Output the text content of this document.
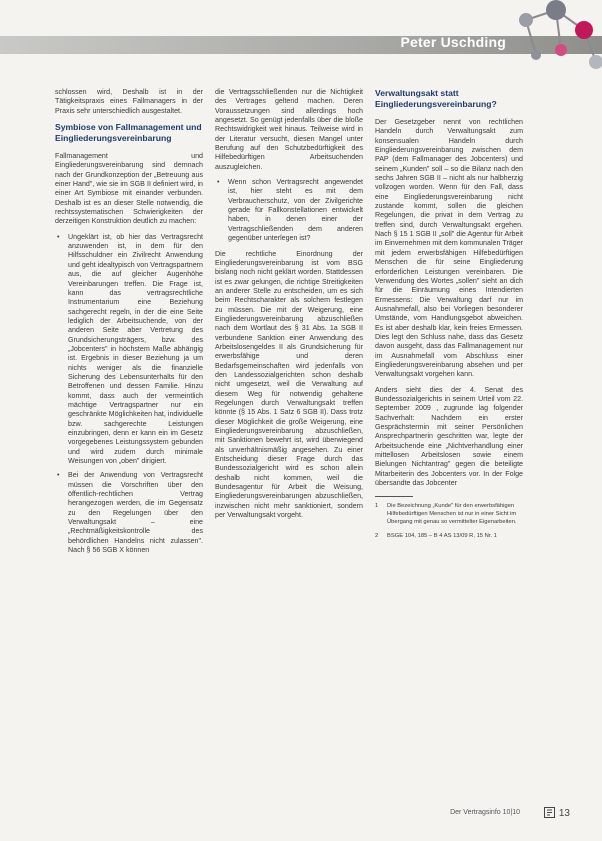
Peter Uschding

schlossen wird, Deshalb ist in der Tätigkeitspraxis eines Fallmanagers in der Praxis sehr unterschiedlich ausgestaltet.

Symbiose von Fallmanagement und Eingliederungsvereinbarung

Fallmanagement und Eingliederungsvereinbarung sind demnach nach der Grundkonzeption der „Betreuung aus einer Hand", wie sie im SGB II definiert wird, in einer Art Symbiose mit einander verbunden. Deshalb ist es an dieser Stelle notwendig, die rechtssystematischen Schwierigkeiten der derzeitigen Konstruktion deutlich zu machen:

• Ungeklärt ist, ob hier das Vertragsrecht anzuwenden ist, in dem für den Hilfsschuldner ein Zivilrecht Anwendung und geht idealtypisch von Vertragspartnern aus, die auf gleicher Augenhöhe Vereinbarungen treffen. Die Frage ist, kann das vertragsrechtliche Instrumentarium eine Beziehung sachgerecht regeln, in der die eine Seite lediglich der Arbeitsuchende, von der anderen Seite aber Vertretung des Grundsicherungsträgers, bzw. des „Jobcenters" in höchstem Maße abhängig ist. Ergebnis in dieser Beziehung ja um nichts weniger als die finanzielle Sicherung des Lebensunterhalts für den Betroffenen und dessen Familie. Hinzu kommt, dass auch der vermeintlich mächtige Vertragspartner nur ein geschränkte Möglichkeiten hat, individuelle bzw. sachgerechte Leistungen einzubringen, denn er kann ein im Gesetz vorgegebenes Leistungssystem gebunden und wird zudem durch minimale Weisungen von „oben" dirigiert.
• Bei der Anwendung von Vertragsrecht müssen die Vorschriften über den öffentlich-rechtlichen Vertrag herangezogen werden, die im Gegensatz zu den Regelungen über den Verwaltungsakt – eine „Rechtmäßigkeitskontrolle des behördlichen Handelns nicht zulassen". Nach § 56 SGB X können

die Vertragsschließenden nur die Nichtigkeit des Vertrages geltend machen. Deren Voraussetzungen sind allerdings hoch angesetzt. So genügt jedenfalls über die bloße Rechtswidrigkeit weit hinaus. Teilweise wird in der Literatur versucht, diesen Mangel unter Berufung auf den Schutzbedürftigkeit des Hilfebedürftigen Arbeitsuchenden auszugleichen.

• Wenn schon Vertragsrecht angewendet ist, hier steht es mit dem Verbraucherschutz, von der Zivilgerichte gerade für Fallkonstellationen entwickelt haben, in denen einer der Vertragschließenden dem anderen gegenüber unterlegen ist?

Die rechtliche Einordnung der Eingliederungsvereinbarung ist vom BSG bislang noch nicht geklärt worden. Stattdessen ist es zwar gelungen, die richtige Streitigkeiten an anderer Stelle zu entscheiden, um es sich beim Rechtscharakter als solchem festlegen zu müssen. Die mit der Weigerung, eine Eingliederungsvereinbarung abzuschließen nach dem Wortlaut des § 31 Abs. 1a SGB II verbundene Sanktion einer Anwendung des Arbeitslosengeldes II als Grundsicherung für erwerbsfähige und deren Bedarfsgemeinschaften wird jedenfalls von den Landessozialgerichten schon deshalb nicht umgesetzt, weil die Verwaltung auf diesem Weg für notwendig gehaltene Regelungen durch Verwaltungsakt treffen könnte (§ 15 Abs. 1 Satz 6 SGB II). Dass trotz dieser Möglichkeit die große Weigerung, eine Eingliederungsvereinbarung abzuschließen, mit Sanktionen bewehrt ist, wird überwiegend als unverhältnismäßig angesehen. Zu einer Entscheidung dieser Frage durch das Bundessozialgericht wird es schon allein deshalb nicht kommen, weil die Bundesagentur für Arbeit die Weisung, Eingliederungsvereinbarungen abzuschließen, inzwischen nicht mehr sanktioniert, sondern per Verwaltungsakt vorgeht.

Verwaltungsakt statt Eingliederungsvereinbarung?

Der Gesetzgeber nennt von rechtlichen Handeln durch Verwaltungsakt zum konsensualen Handeln durch Eingliederungsvereinbarung zwischen dem PAP (dem Fallmanager des Jobcenters) und seinem „Kunden" soll – so die Bilanz nach den sechs Jahren SGB II – nicht als nur halbherzig vollzogen worden. Wenn für den Fall, dass eine Eingliederungsvereinbarung nicht zustande kommt, sollen die gleichen Regelungen, die privat in dem Vertrag zu treffen sind, durch Verwaltungsakt ergehen. Nach § 15 1 SGB II „soll" die Agentur für Arbeit im Einvernehmen mit dem kommunalen Träger mit jedem erwerbsfähigen Hilfebedürftigen Menschen die für seine Eingliederung erforderlichen Leistungen vereinbaren. Die Verwendung des Wortes „sollen" sieht an dich für die Einräumung eines Intendierten Ermessens: Die Verwaltung darf nur im Ausnahmefall, also bei Vorliegen besonderer Umstände, vom Handlungsgebot abweichen. Es ist aber deshalb klar, kein freies Ermessen. Dies legt den Schluss nahe, dass das Gesetz davon ausgeht, dass das Fallmanagement nur im Ausnahmefall vom Abschluss einer Eingliederungsvereinbarung absehen und per Verwaltungsakt vorgehen kann.

Anders sieht dies der 4. Senat des Bundessozialgerichts in seinem Urteil vom 22. September 2009 , zugrunde lag folgender Sachverhalt: Nachdem ein erster Gesprächstermin mit seiner Persönlichen Ansprechpartnerin geschritten war, legte der Arbeitsuchende eine „Nichtverhandlung einer mittellosen Arbeitslosen sowie einem Bielungen Nichtantrag" gegen die beteiligte Mitarbeiterin des Jobcenters vor. In der Folge übersandte das Jobcenter

1 Die Bezeichnung „Kunde" für den erwerbsfähigen Hilfebedürftigen Menschen ist nur in einer Sicht im Übergang mit genau so vermittelter Eigenarbeiten.

2 BSGE 104, 185 – B 4 AS 13/09 R, 15 Nr. 1

Der Vertragsinfo 10|10	13
